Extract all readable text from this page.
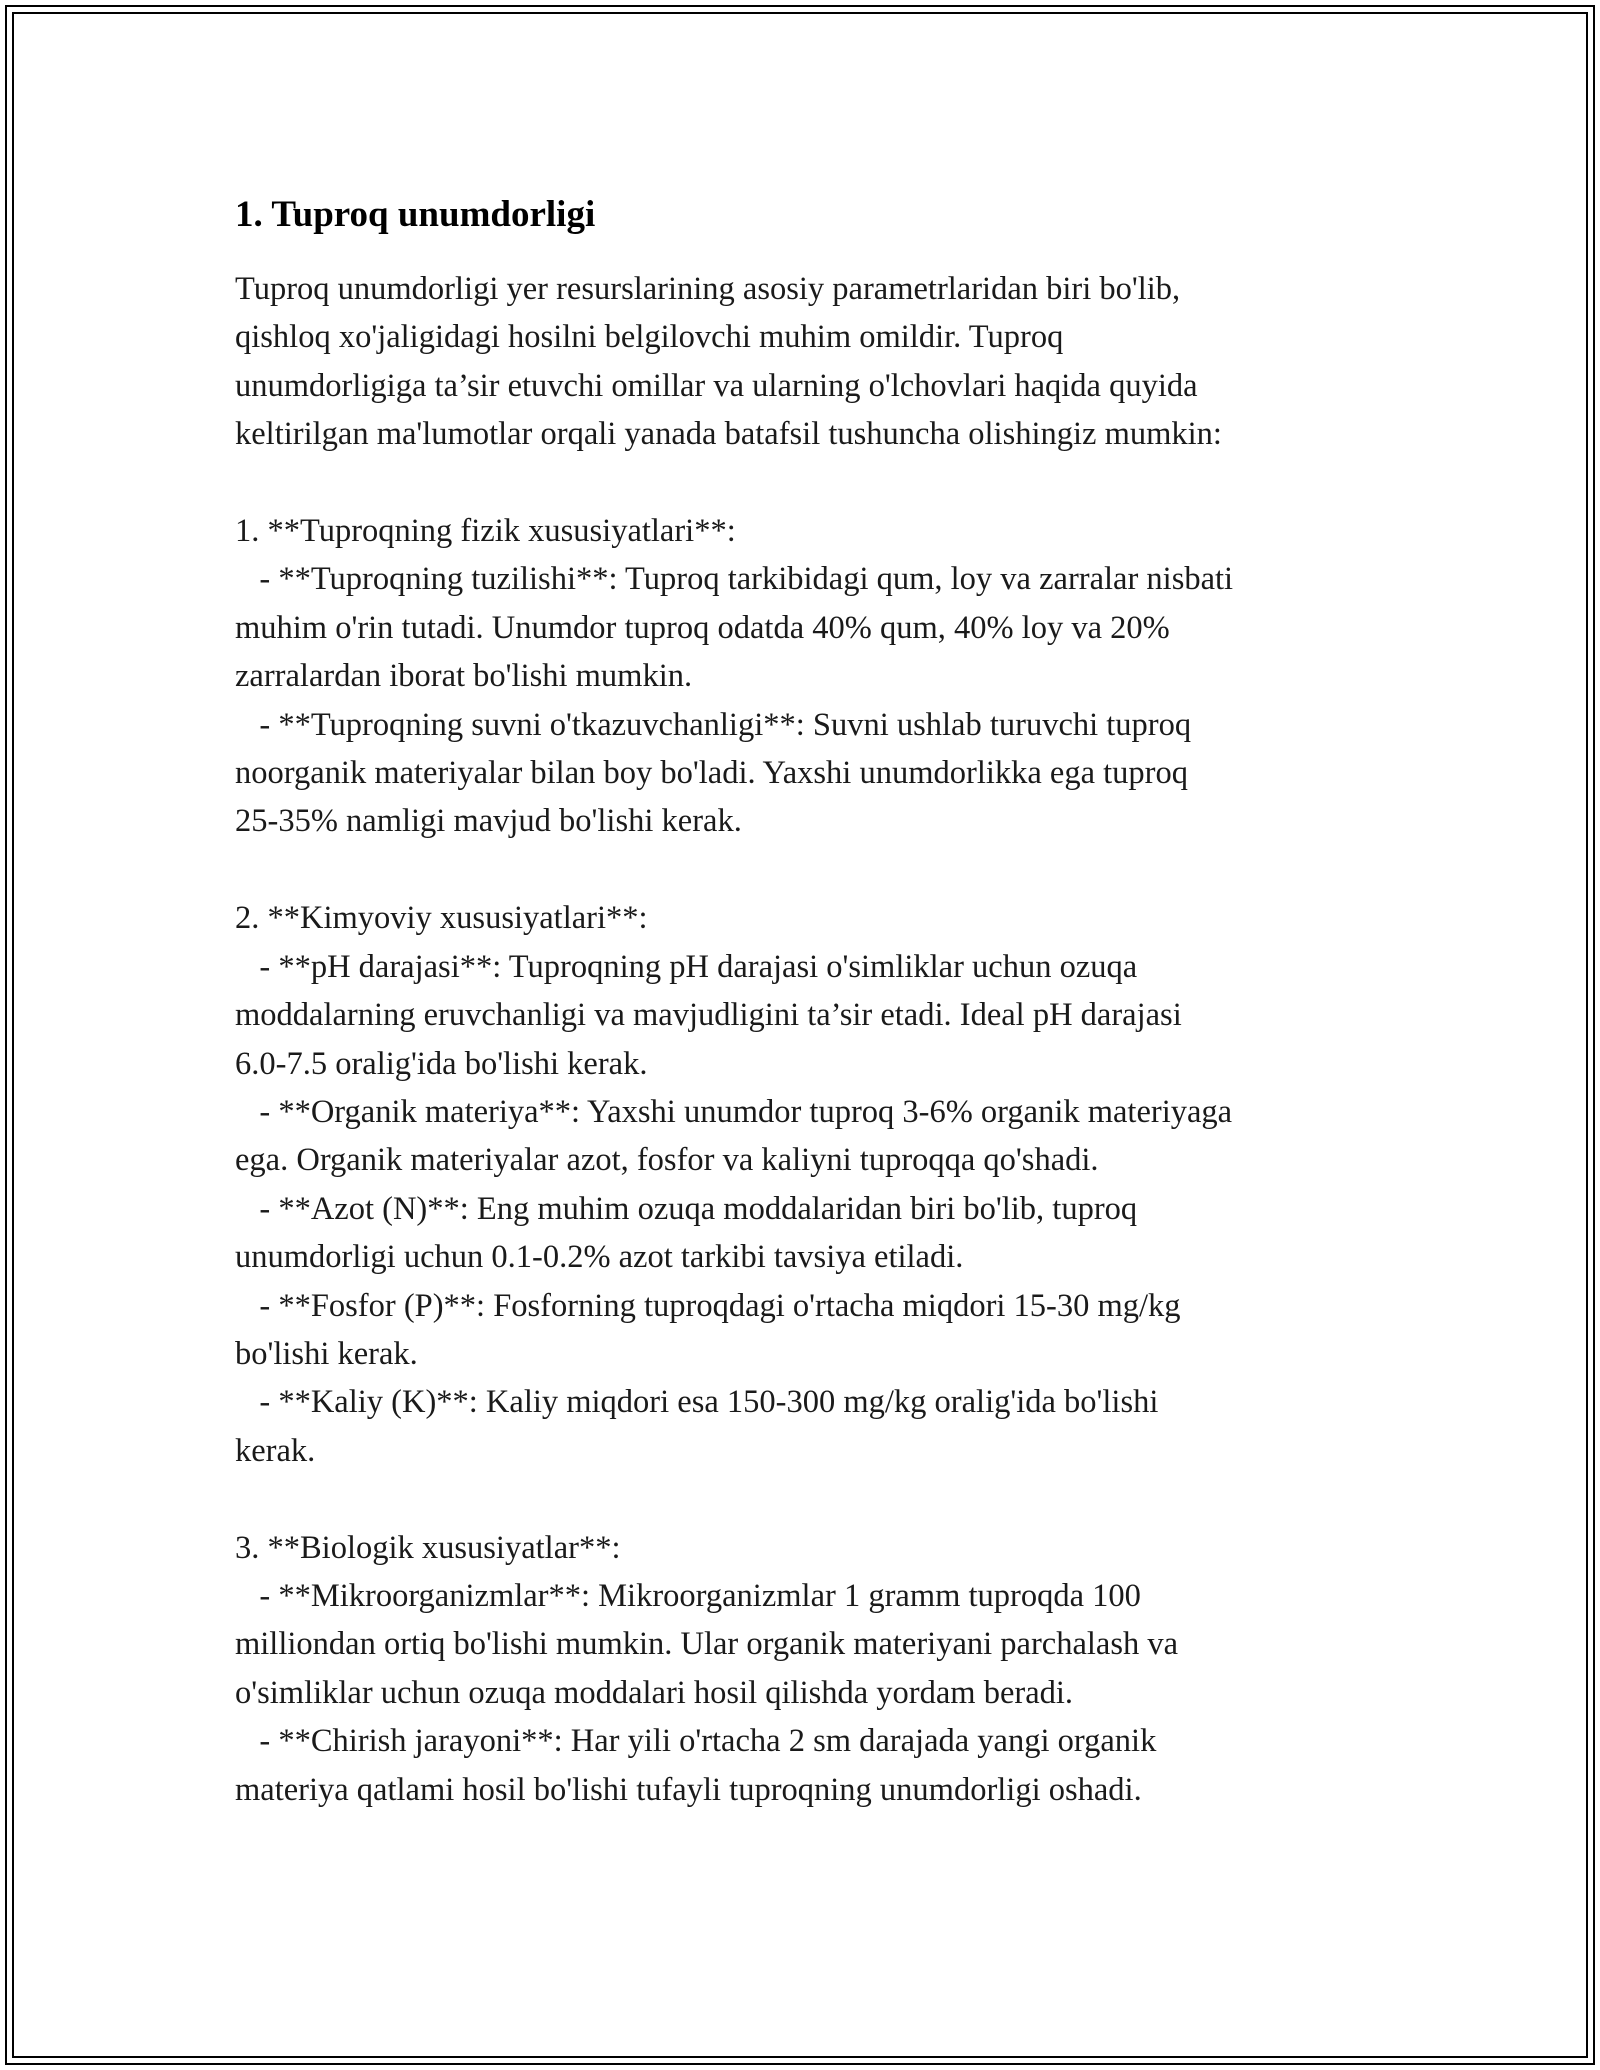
1. Tuproq unumdorligi

Tuproq unumdorligi yer resurslarining asosiy parametrlaridan biri bo'lib,
qishloq xo'jaligidagi hosilni belgilovchi muhim omildir. Tuproq
unumdorligiga ta’sir etuvchi omillar va ularning o'lchovlari haqida quyida
keltirilgan ma'lumotlar orqali yanada batafsil tushuncha olishingiz mumkin:

1. **Tuproqning fizik xususiyatlari**:
- **Tuproqning tuzilishi**: Tuproq tarkibidagi qum, loy va zarralar nisbati
muhim o'rin tutadi. Unumdor tuproq odatda 40% qum, 40% loy va 20%
zarralardan iborat bo'lishi mumkin.
- **Tuproqning suvni o'tkazuvchanligi**: Suvni ushlab turuvchi tuproq
noorganik materiyalar bilan boy bo'ladi. Yaxshi unumdorlikka ega tuproq
25-35% namligi mavjud bo'lishi kerak.

2. **Kimyoviy xususiyatlari**:
- **pH darajasi**: Tuproqning pH darajasi o'simliklar uchun ozuqa
moddalarning eruvchanligi va mavjudligini ta’sir etadi. Ideal pH darajasi
6.0-7.5 oralig'ida bo'lishi kerak.
- **Organik materiya**: Yaxshi unumdor tuproq 3-6% organik materiyaga
ega. Organik materiyalar azot, fosfor va kaliyni tuproqqa qo'shadi.
- **Azot (N)**: Eng muhim ozuqa moddalaridan biri bo'lib, tuproq
unumdorligi uchun 0.1-0.2% azot tarkibi tavsiya etiladi.
- **Fosfor (P)**: Fosforning tuproqdagi o'rtacha miqdori 15-30 mg/kg
bo'lishi kerak.
- **Kaliy (K)**: Kaliy miqdori esa 150-300 mg/kg oralig'ida bo'lishi
kerak.

3. **Biologik xususiyatlar**:
- **Mikroorganizmlar**: Mikroorganizmlar 1 gramm tuproqda 100
milliondan ortiq bo'lishi mumkin. Ular organik materiyani parchalash va
o'simliklar uchun ozuqa moddalari hosil qilishda yordam beradi.
- **Chirish jarayoni**: Har yili o'rtacha 2 sm darajada yangi organik
materiya qatlami hosil bo'lishi tufayli tuproqning unumdorligi oshadi.
